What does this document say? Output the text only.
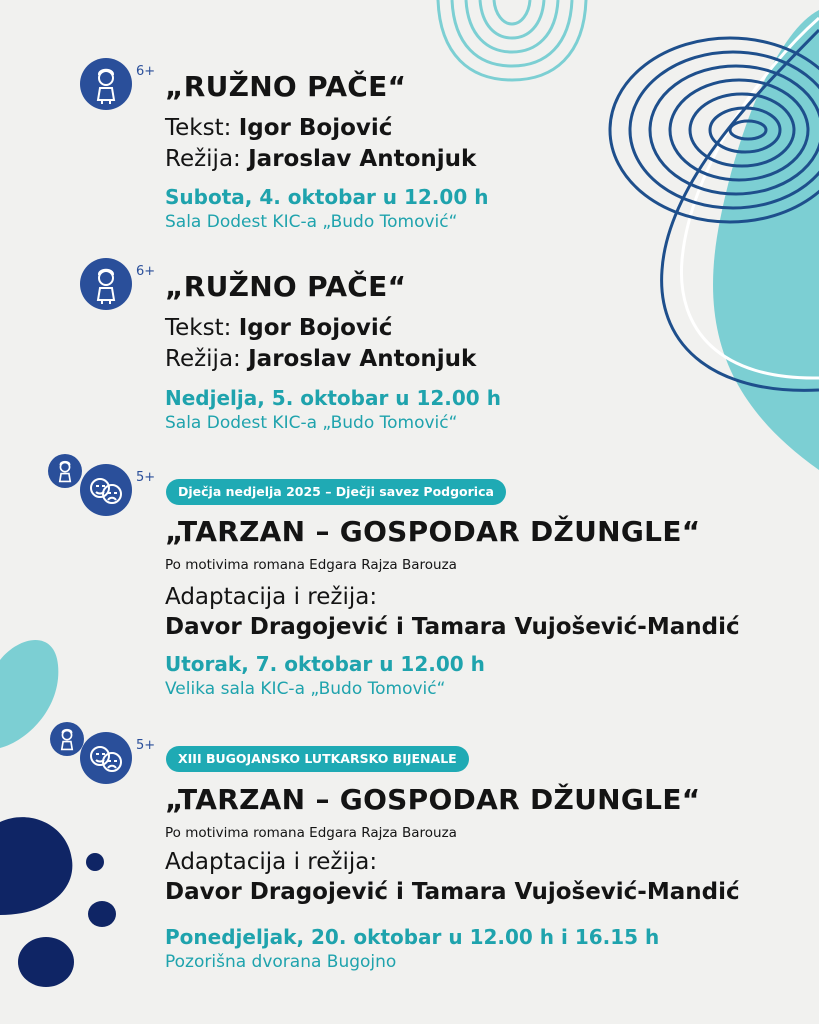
6+ „RUŽNO PAČE“
Tekst: Igor Bojović
Režija: Jaroslav Antonjuk
Subota, 4. oktobar u 12.00 h
Sala Dodest KIC-a „Budo Tomović“
6+ „RUŽNO PAČE“
Tekst: Igor Bojović
Režija: Jaroslav Antonjuk
Nedjelja, 5. oktobar u 12.00 h
Sala Dodest KIC-a „Budo Tomović“
5+
Dječja nedjelja 2025 – Dječji savez Podgorica
„TARZAN – GOSPODAR DŽUNGLE“
Po motivima romana Edgara Rajza Barouza
Adaptacija i režija:
Davor Dragojević i Tamara Vujošević-Mandić
Utorak, 7. oktobar u 12.00 h
Velika sala KIC-a „Budo Tomović“
5+
XIII BUGOJANSKO LUTKARSKO BIJENALE
„TARZAN – GOSPODAR DŽUNGLE“
Po motivima romana Edgara Rajza Barouza
Adaptacija i režija:
Davor Dragojević i Tamara Vujošević-Mandić
Ponedjeljak, 20. oktobar u 12.00 h i 16.15 h
Pozorišna dvorana Bugojno
